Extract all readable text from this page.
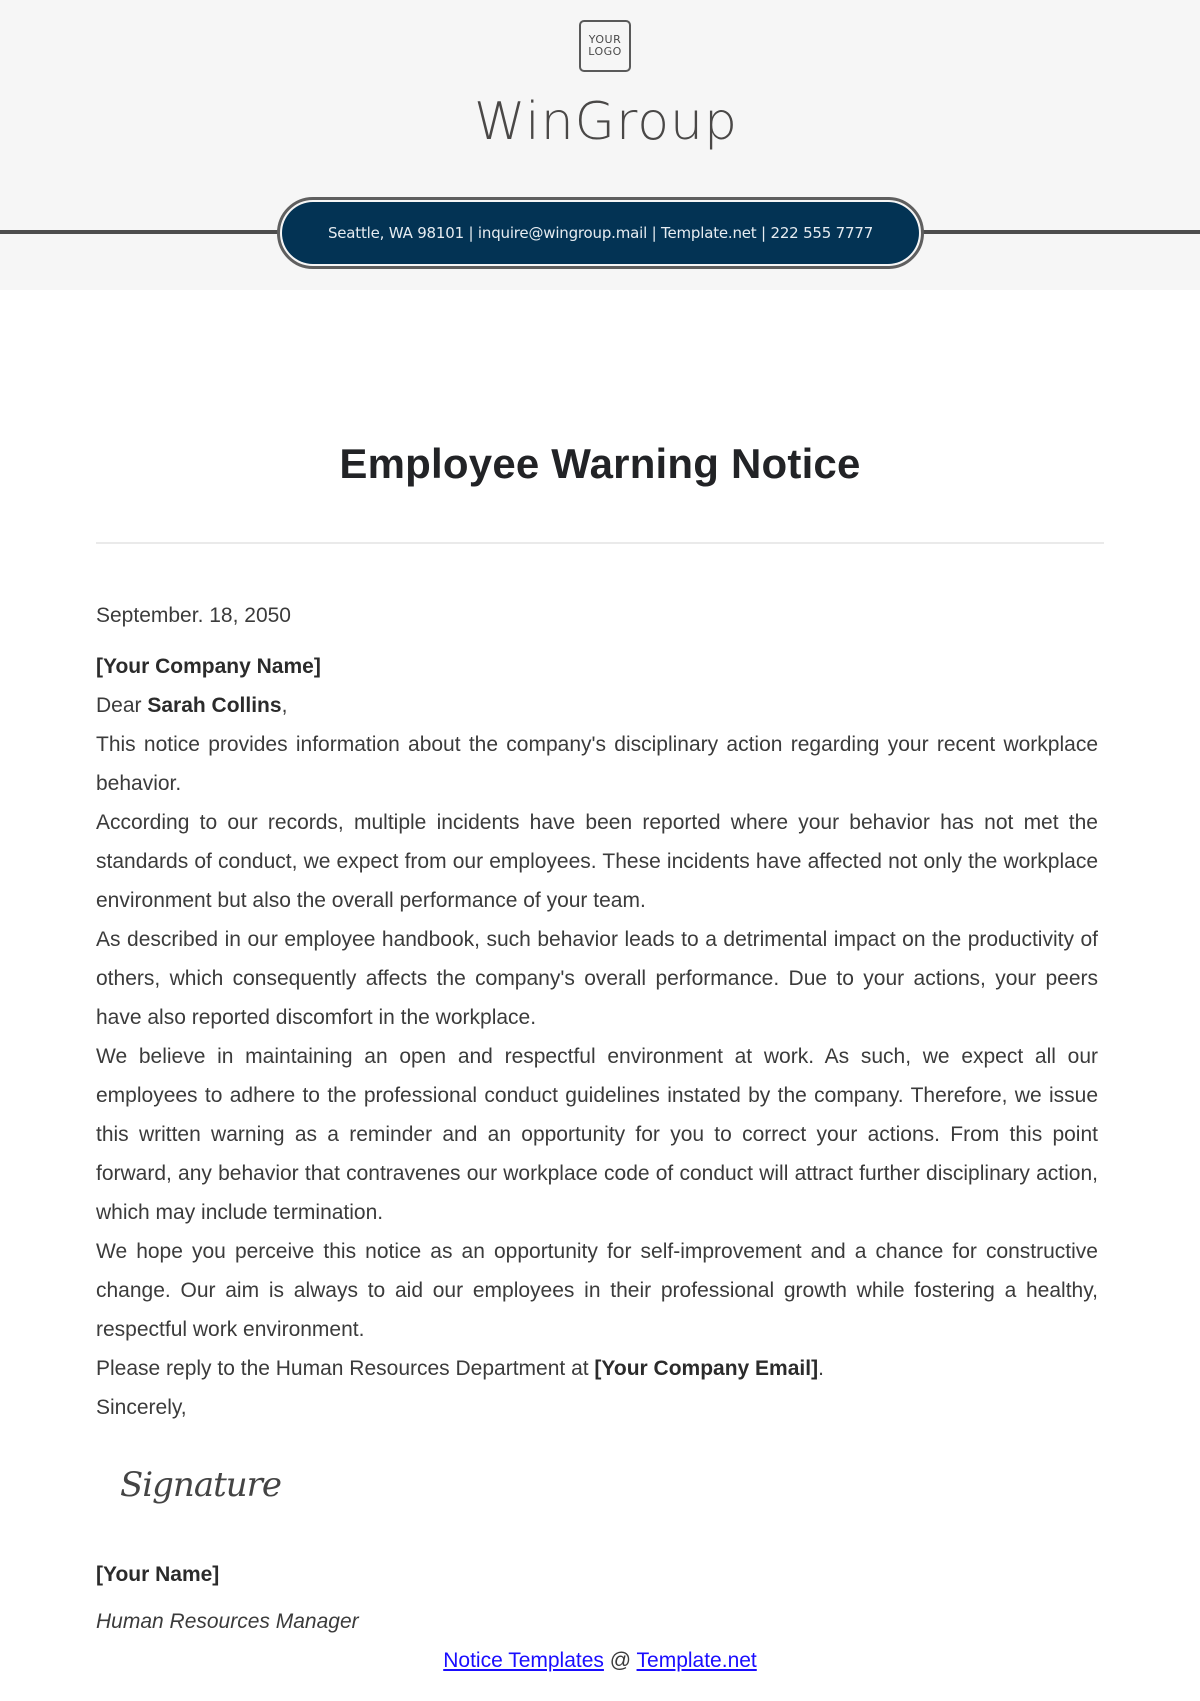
YOUR
LOGO
WinGroup
Seattle, WA 98101 | inquire@wingroup.mail | Template.net | 222 555 7777
Employee Warning Notice

September. 18, 2050

[Your Company Name]

Dear Sarah Collins,

This notice provides information about the company's disciplinary action regarding your recent workplace behavior.

According to our records, multiple incidents have been reported where your behavior has not met the standards of conduct, we expect from our employees. These incidents have affected not only the workplace environment but also the overall performance of your team.

As described in our employee handbook, such behavior leads to a detrimental impact on the productivity of others, which consequently affects the company's overall performance. Due to your actions, your peers have also reported discomfort in the workplace.

We believe in maintaining an open and respectful environment at work. As such, we expect all our employees to adhere to the professional conduct guidelines instated by the company. Therefore, we issue this written warning as a reminder and an opportunity for you to correct your actions. From this point forward, any behavior that contravenes our workplace code of conduct will attract further disciplinary action, which may include termination.

We hope you perceive this notice as an opportunity for self-improvement and a chance for constructive change. Our aim is always to aid our employees in their professional growth while fostering a healthy, respectful work environment.

Please reply to the Human Resources Department at [Your Company Email].

Sincerely,

Signature
[Your Name]
Human Resources Manager
Notice Templates @ Template.net
